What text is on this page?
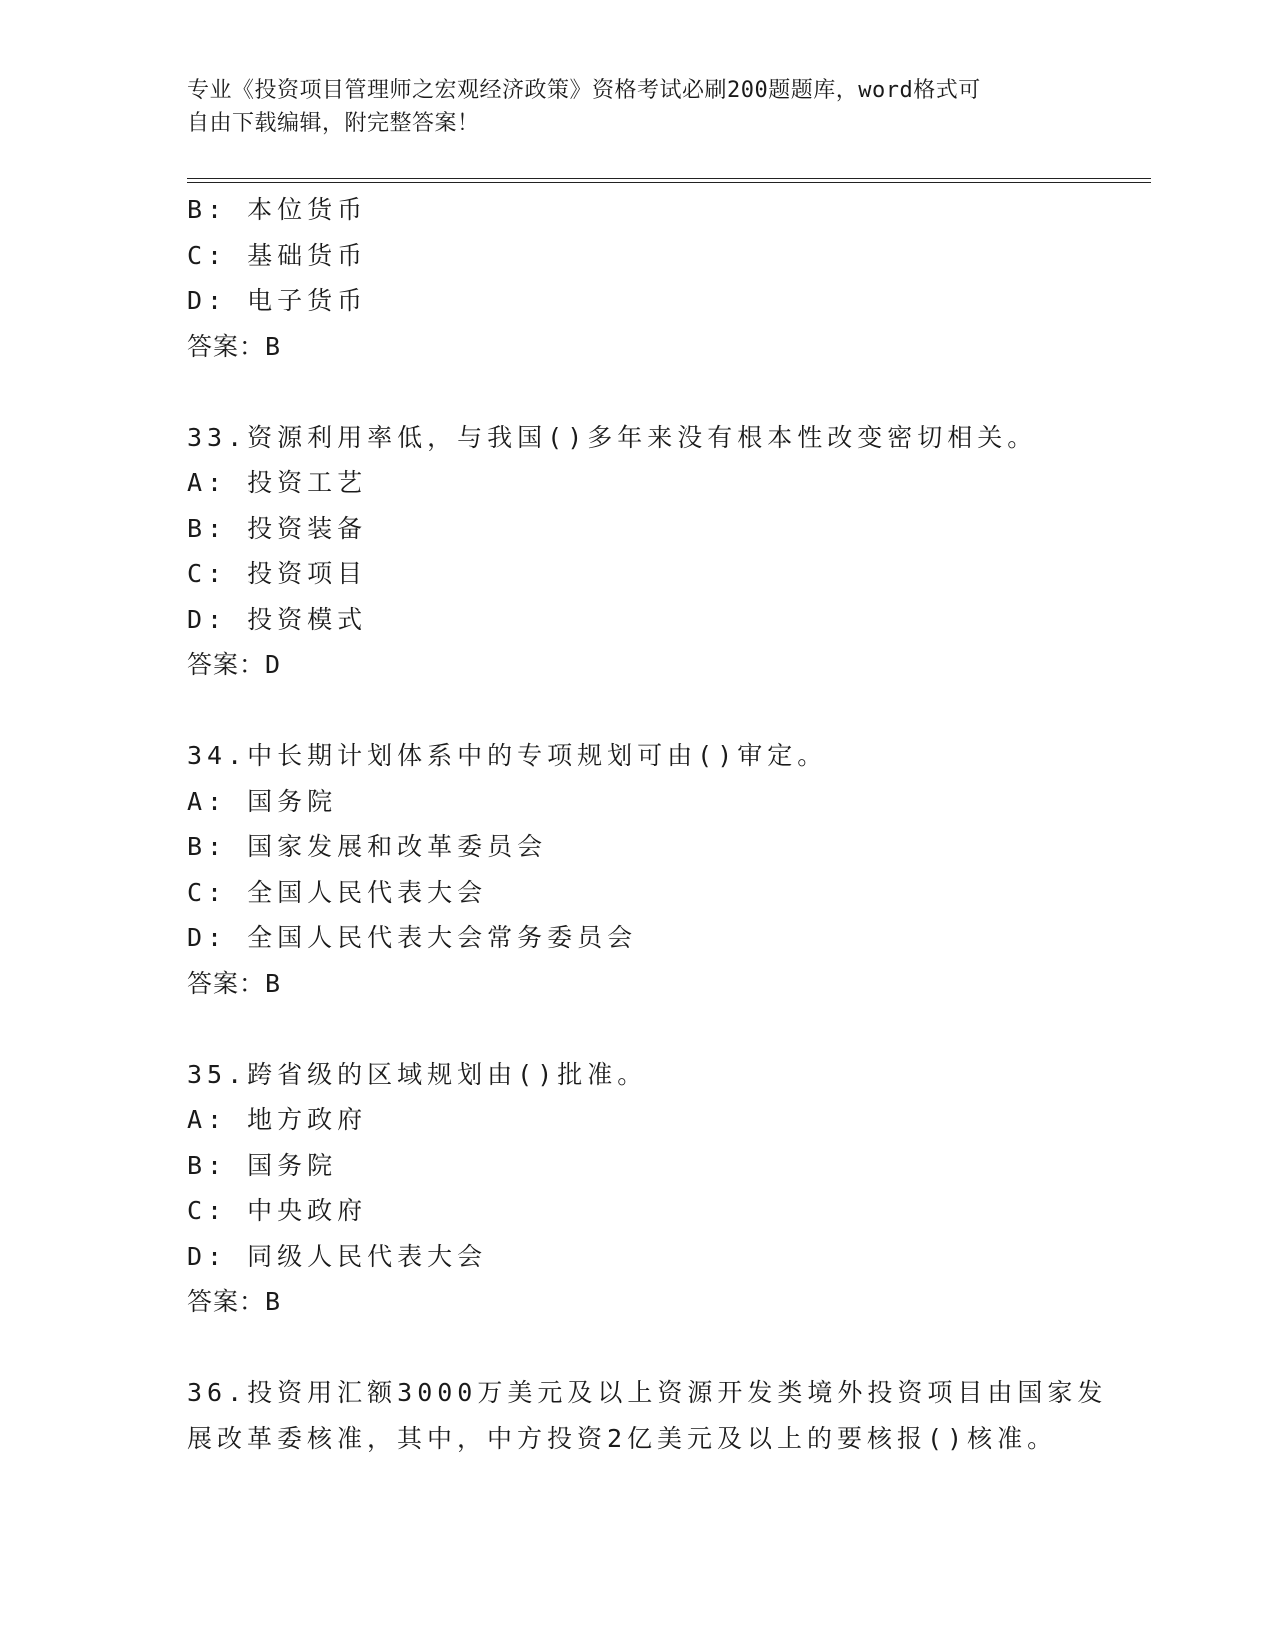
专业《投资项目管理师之宏观经济政策》资格考试必刷200题题库，word格式可
自由下载编辑，附完整答案！
B: 本位货币
C: 基础货币
D: 电子货币
答案：B
33.资源利用率低，与我国()多年来没有根本性改变密切相关。
A: 投资工艺
B: 投资装备
C: 投资项目
D: 投资模式
答案：D
34.中长期计划体系中的专项规划可由()审定。
A: 国务院
B: 国家发展和改革委员会
C: 全国人民代表大会
D: 全国人民代表大会常务委员会
答案：B
35.跨省级的区域规划由()批准。
A: 地方政府
B: 国务院
C: 中央政府
D: 同级人民代表大会
答案：B
36.投资用汇额3000万美元及以上资源开发类境外投资项目由国家发
展改革委核准，其中，中方投资2亿美元及以上的要核报()核准。
